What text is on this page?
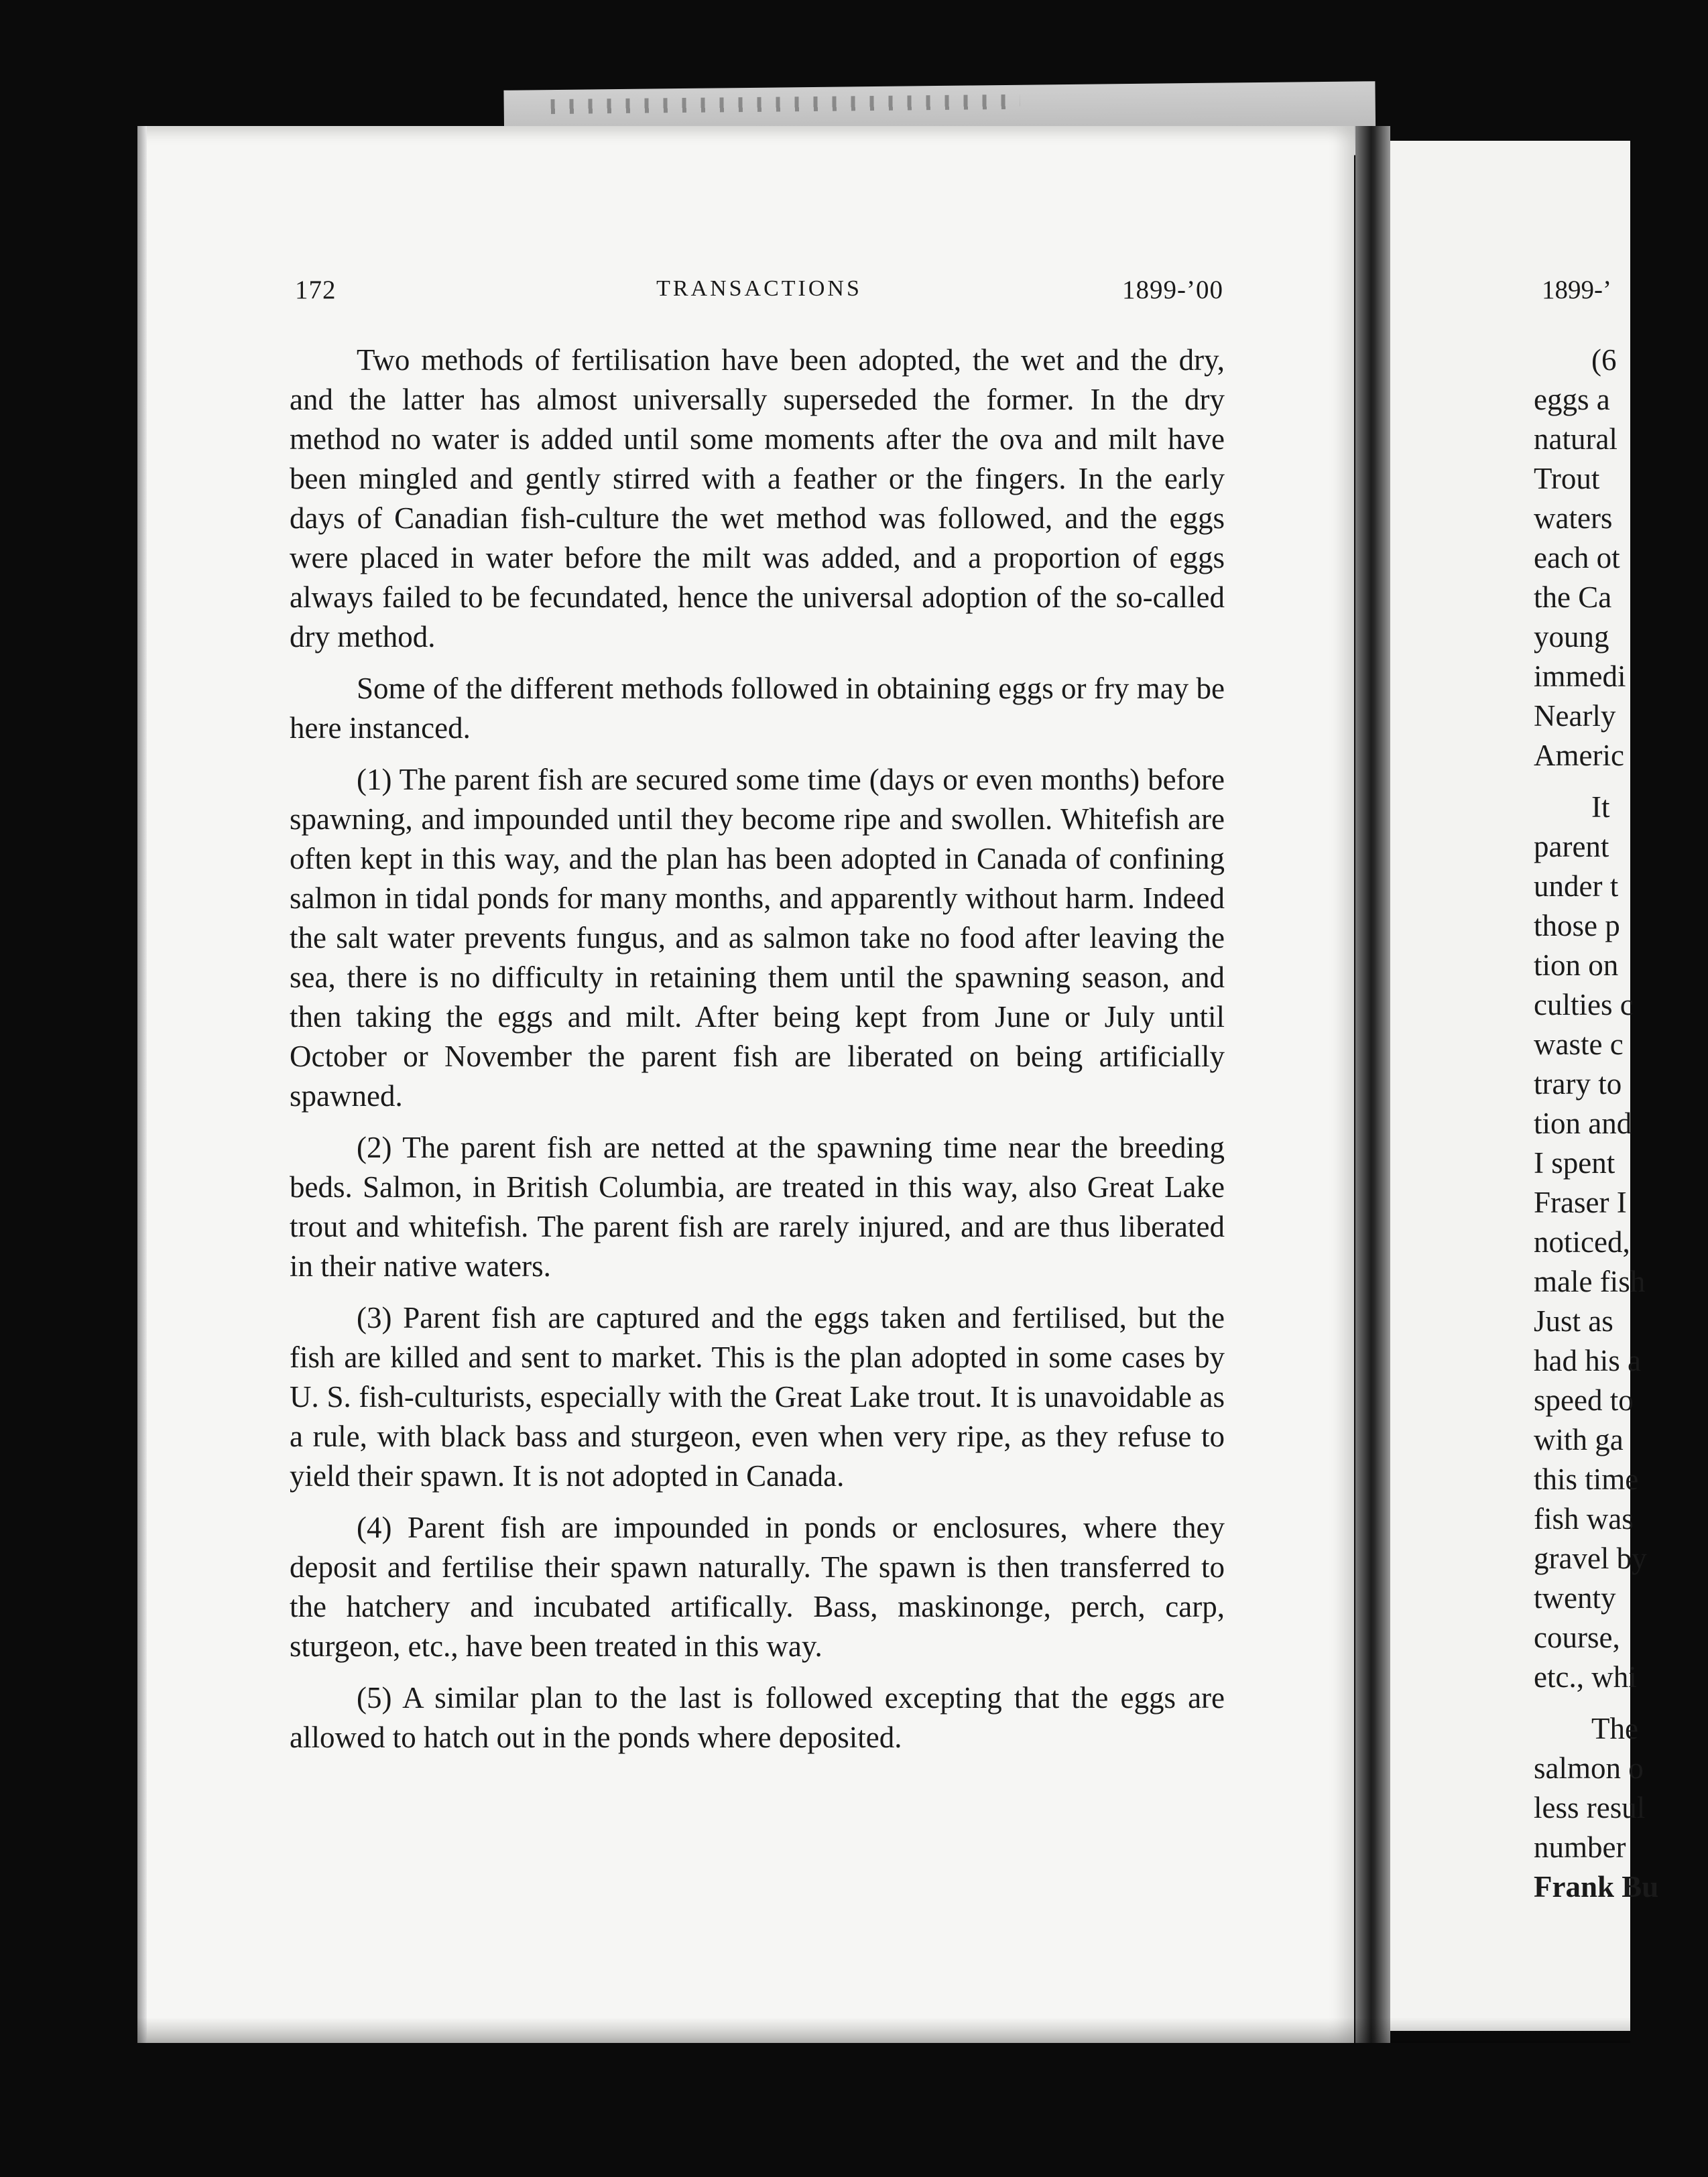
172	TRANSACTIONS	1899-’00

Two methods of fertilisation have been adopted, the wet and the dry, and the latter has almost universally superseded the former. In the dry method no water is added until some moments after the ova and milt have been mingled and gently stirred with a feather or the fingers. In the early days of Canadian fish-culture the wet method was followed, and the eggs were placed in water before the milt was added, and a proportion of eggs always failed to be fecundated, hence the universal adoption of the so-called dry method.

Some of the different methods followed in obtaining eggs or fry may be here instanced.

(1) The parent fish are secured some time (days or even months) before spawning, and impounded until they become ripe and swollen. Whitefish are often kept in this way, and the plan has been adopted in Canada of confining salmon in tidal ponds for many months, and apparently without harm. Indeed the salt water prevents fungus, and as salmon take no food after leaving the sea, there is no difficulty in retaining them until the spawning season, and then taking the eggs and milt. After being kept from June or July until October or November the parent fish are liberated on being artificially spawned.

(2) The parent fish are netted at the spawning time near the breeding beds. Salmon, in British Columbia, are treated in this way, also Great Lake trout and whitefish. The parent fish are rarely injured, and are thus liberated in their native waters.

(3) Parent fish are captured and the eggs taken and fertilised, but the fish are killed and sent to market. This is the plan adopted in some cases by U. S. fish-culturists, especially with the Great Lake trout. It is unavoidable as a rule, with black bass and sturgeon, even when very ripe, as they refuse to yield their spawn. It is not adopted in Canada.

(4) Parent fish are impounded in ponds or enclosures, where they deposit and fertilise their spawn naturally. The spawn is then transferred to the hatchery and incubated artifically. Bass, maskinonge, perch, carp, sturgeon, etc., have been treated in this way.

(5) A similar plan to the last is followed excepting that the eggs are allowed to hatch out in the ponds where deposited.

1899-’
(6
eggs a
natural
Trout
waters
each ot
the Ca
young
immedi
Nearly
Americ
It
parent
under t
those p
tion on
culties c
waste c
trary to
tion and
I spent
Fraser I
noticed,
male fish
Just as
had his a
speed to
with ga
this time
fish was
gravel by
twenty
course,
etc., whi
The
salmon o
less resul
number
Frank Bu
